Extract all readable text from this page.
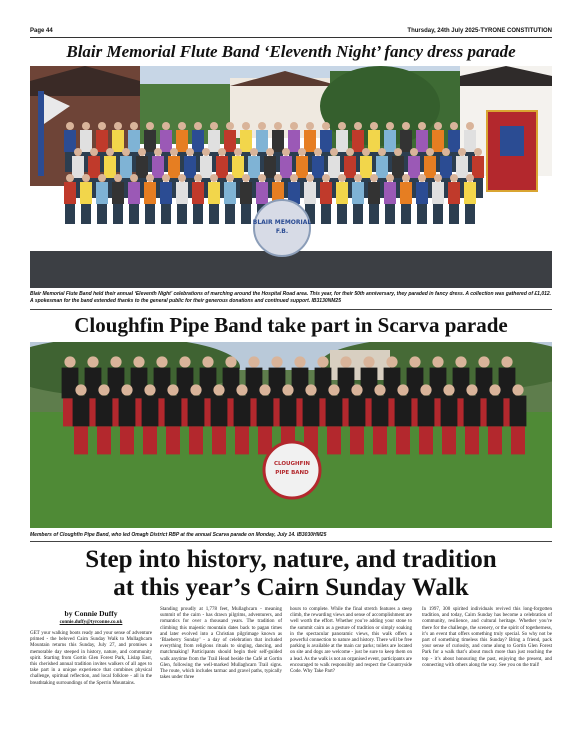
Page 44	Thursday, 24th July 2025-TYRONE CONSTITUTION
Blair Memorial Flute Band ‘Eleventh Night’ fancy dress parade
BLAIR MEMORIAL
F.B.
Blair Memorial Flute Band held their annual ‘Eleventh Night’ celebrations of marching around the Hospital Road area. This year, for their 50th anniversary, they paraded in fancy dress. A collection was gathered of £1,012. A spokesman for the band extended thanks to the general public for their generous donations and continued support. IB3130NM25
Cloughfin Pipe Band take part in Scarva parade
CLOUGHFIN
PIPE BAND
Members of Cloughfin Pipe Band, who led Omagh District RBP at the annual Scarva parade on Monday, July 14. IB3030HM25
Step into history, nature, and tradition
at this year’s Cairn Sunday Walk
by Connie Duffy
connie.duffy@tyrconne.co.uk

GET your walking boots ready and your sense of adventure primed - the beloved Cairn Sunday Walk to Mullaghcarn Mountain returns this Sunday, July 27, and promises a memorable day steeped in history, nature, and community spirit. Starting from Gortin Glen Forest Park, Lislap East, this cherished annual tradition invites walkers of all ages to take part in a unique experience that combines physical challenge, spiritual reflection, and local folklore - all in the breathtaking surroundings of the Sperrin Mountains.

Standing proudly at 1,778 feet, Mullaghcarn - meaning summit of the cairn - has drawn pilgrims, adventurers, and romantics for over a thousand years. The tradition of climbing this majestic mountain dates back to pagan times and later evolved into a Christian pilgrimage known as ‘Blaeberry Sunday’ - a day of celebration that included everything from religious rituals to singing, dancing, and matchmaking! Participants should begin their self-guided walk anytime from the Trail Head beside the Café at Gortin Glen, following the well-marked Mullaghcarn Trail signs. The route, which includes tarmac and gravel paths, typically takes under three

hours to complete. While the final stretch features a steep climb, the rewarding views and sense of accomplishment are well worth the effort. Whether you’re adding your stone to the summit cairn as a gesture of tradition or simply soaking in the spectacular panoramic views, this walk offers a powerful connection to nature and history. There will be free parking is available at the main car parks; toilets are located on site and dogs are welcome - just be sure to keep them on a lead. As the walk is not an organised event, participants are encouraged to walk responsibly and respect the Countryside Code. Why Take Part?

In 1997, 300 spirited individuals revived this long-forgotten tradition, and today, Cairn Sunday has become a celebration of community, resilience, and cultural heritage. Whether you’re there for the challenge, the scenery, or the spirit of togetherness, it’s an event that offers something truly special. So why not be part of something timeless this Sunday? Bring a friend, pack your sense of curiosity, and come along to Gortin Glen Forest Park for a walk that’s about much more than just reaching the top - it’s about honouring the past, enjoying the present, and connecting with others along the way. See you on the trail!
